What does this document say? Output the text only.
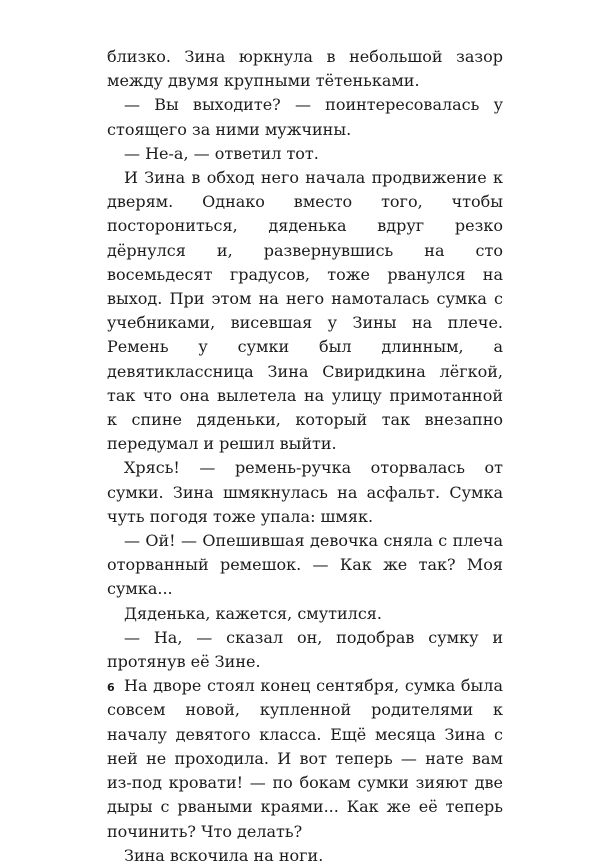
близко. Зина юркнула в небольшой зазор между двумя крупными тётеньками.

— Вы выходите? — поинтересовалась у стоящего за ними мужчины.

— Не-а, — ответил тот.

И Зина в обход него начала продвижение к дверям. Однако вместо того, чтобы посторониться, дяденька вдруг резко дёрнулся и, развернувшись на сто восемьдесят градусов, тоже рванулся на выход. При этом на него намоталась сумка с учебниками, висевшая у Зины на плече. Ремень у сумки был длинным, а девятиклассница Зина Свиридкина лёгкой, так что она вылетела на улицу примотанной к спине дяденьки, который так внезапно передумал и решил выйти.

Хрясь! — ремень-ручка оторвалась от сумки. Зина шмякнулась на асфальт. Сумка чуть погодя тоже упала: шмяк.

— Ой! — Опешившая девочка сняла с плеча оторванный ремешок. — Как же так? Моя сумка...

Дяденька, кажется, смутился.

— На, — сказал он, подобрав сумку и протянув её Зине.

На дворе стоял конец сентября, сумка была совсем новой, купленной родителями к началу девятого класса. Ещё месяца Зина с ней не проходила. И вот теперь — нате вам из-под кровати! — по бокам сумки зияют две дыры с рваными краями... Как же её теперь починить? Что делать?

Зина вскочила на ноги.

6
